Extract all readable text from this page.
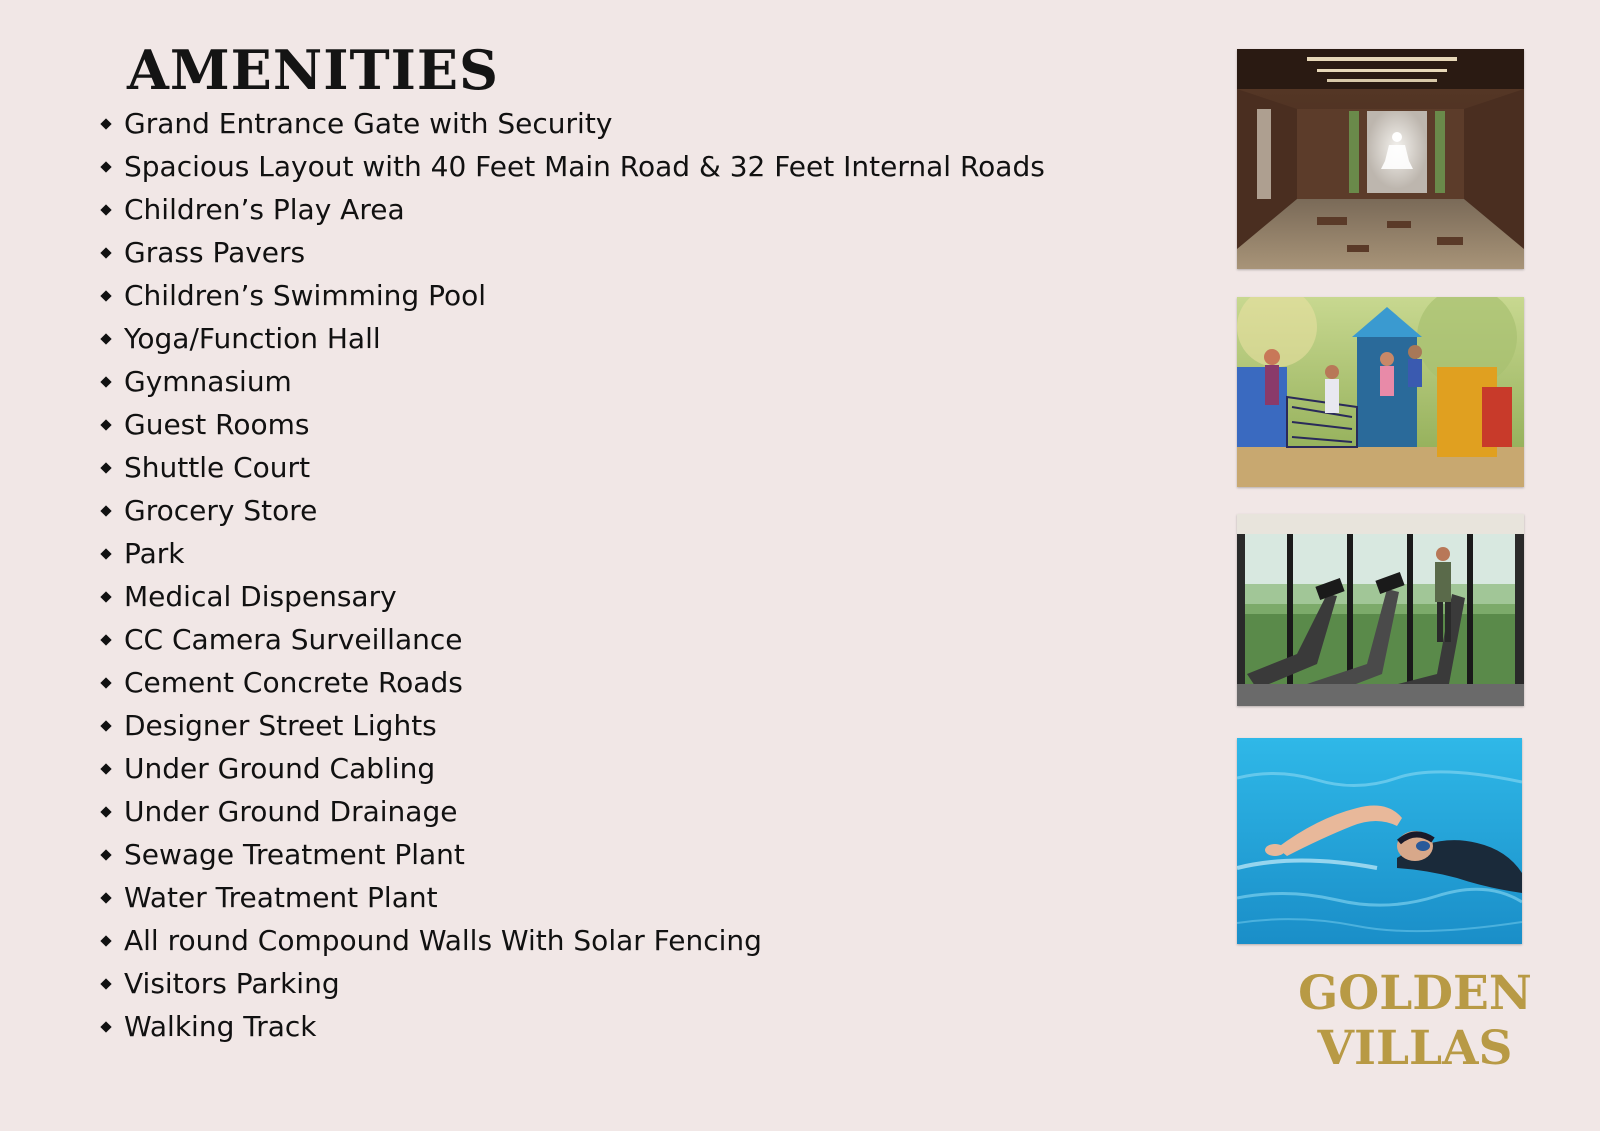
AMENITIES
Grand Entrance Gate with Security
Spacious Layout with 40 Feet Main Road & 32 Feet Internal Roads
Children’s Play Area
Grass Pavers
Children’s Swimming Pool
Yoga/Function Hall
Gymnasium
Guest Rooms
Shuttle Court
Grocery Store
Park
Medical Dispensary
CC Camera Surveillance
Cement Concrete Roads
Designer Street Lights
Under Ground Cabling
Under Ground Drainage
Sewage Treatment Plant
Water Treatment Plant
All round Compound Walls With Solar Fencing
Visitors Parking
Walking Track
GOLDEN
VILLAS
